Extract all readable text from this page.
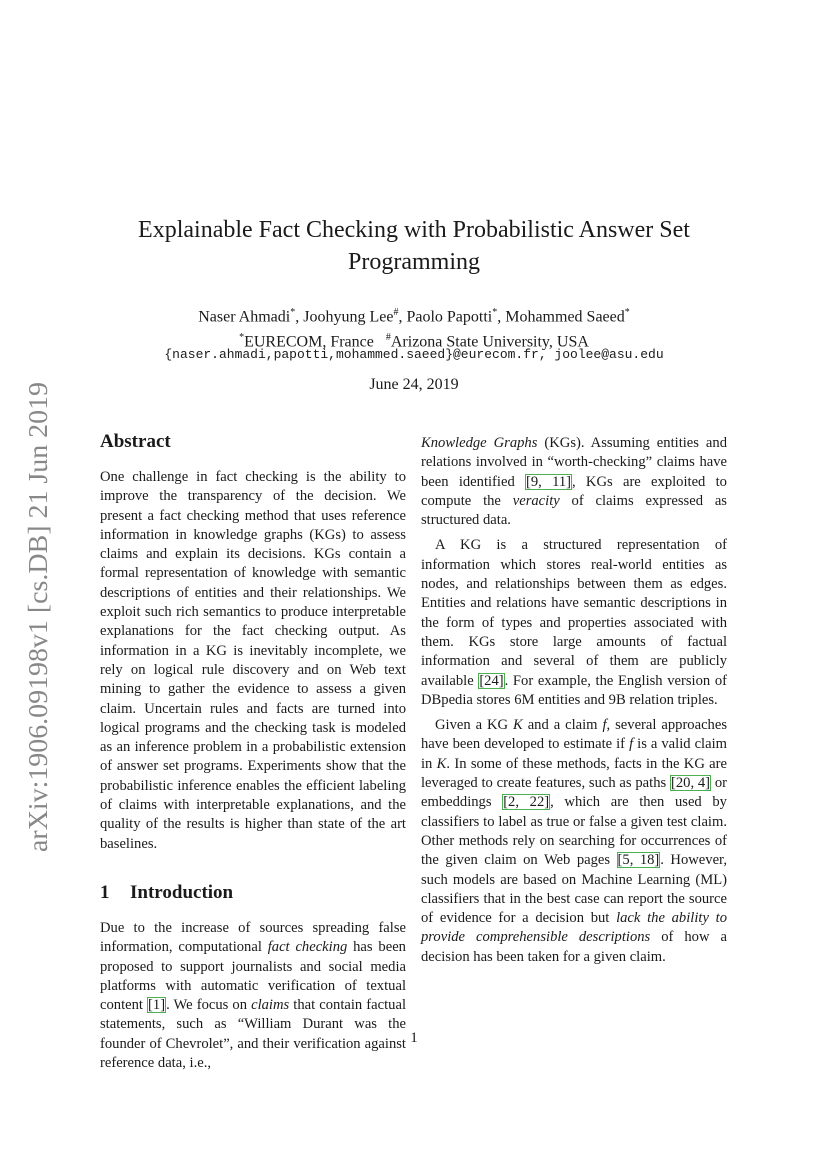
arXiv:1906.09198v1 [cs.DB] 21 Jun 2019
Explainable Fact Checking with Probabilistic Answer Set
Programming
Naser Ahmadi*, Joohyung Lee#, Paolo Papotti*, Mohammed Saeed*
*EURECOM, France #Arizona State University, USA
{naser.ahmadi,papotti,mohammed.saeed}@eurecom.fr, joolee@asu.edu
June 24, 2019
Abstract

One challenge in fact checking is the ability to improve the transparency of the decision. We present a fact checking method that uses reference information in knowledge graphs (KGs) to assess claims and explain its decisions. KGs contain a formal representation of knowledge with semantic descriptions of entities and their relationships. We exploit such rich semantics to produce interpretable explanations for the fact checking output. As information in a KG is inevitably incomplete, we rely on logical rule discovery and on Web text mining to gather the evidence to assess a given claim. Uncertain rules and facts are turned into logical programs and the checking task is modeled as an inference problem in a probabilistic extension of answer set programs. Experiments show that the probabilistic inference enables the efficient labeling of claims with interpretable explanations, and the quality of the results is higher than state of the art baselines.

1 Introduction

Due to the increase of sources spreading false information, computational fact checking has been proposed to support journalists and social media platforms with automatic verification of textual content [1]. We focus on claims that contain factual statements, such as “William Durant was the founder of Chevrolet”, and their verification against reference data, i.e.,

Knowledge Graphs (KGs). Assuming entities and relations involved in “worth-checking” claims have been identified [9, 11], KGs are exploited to compute the veracity of claims expressed as structured data.

A KG is a structured representation of information which stores real-world entities as nodes, and relationships between them as edges. Entities and relations have semantic descriptions in the form of types and properties associated with them. KGs store large amounts of factual information and several of them are publicly available [24]. For example, the English version of DBpedia stores 6M entities and 9B relation triples.

Given a KG K and a claim f, several approaches have been developed to estimate if f is a valid claim in K. In some of these methods, facts in the KG are leveraged to create features, such as paths [20, 4] or embeddings [2, 22], which are then used by classifiers to label as true or false a given test claim. Other methods rely on searching for occurrences of the given claim on Web pages [5, 18]. However, such models are based on Machine Learning (ML) classifiers that in the best case can report the source of evidence for a decision but lack the ability to provide comprehensible descriptions of how a decision has been taken for a given claim.

1
